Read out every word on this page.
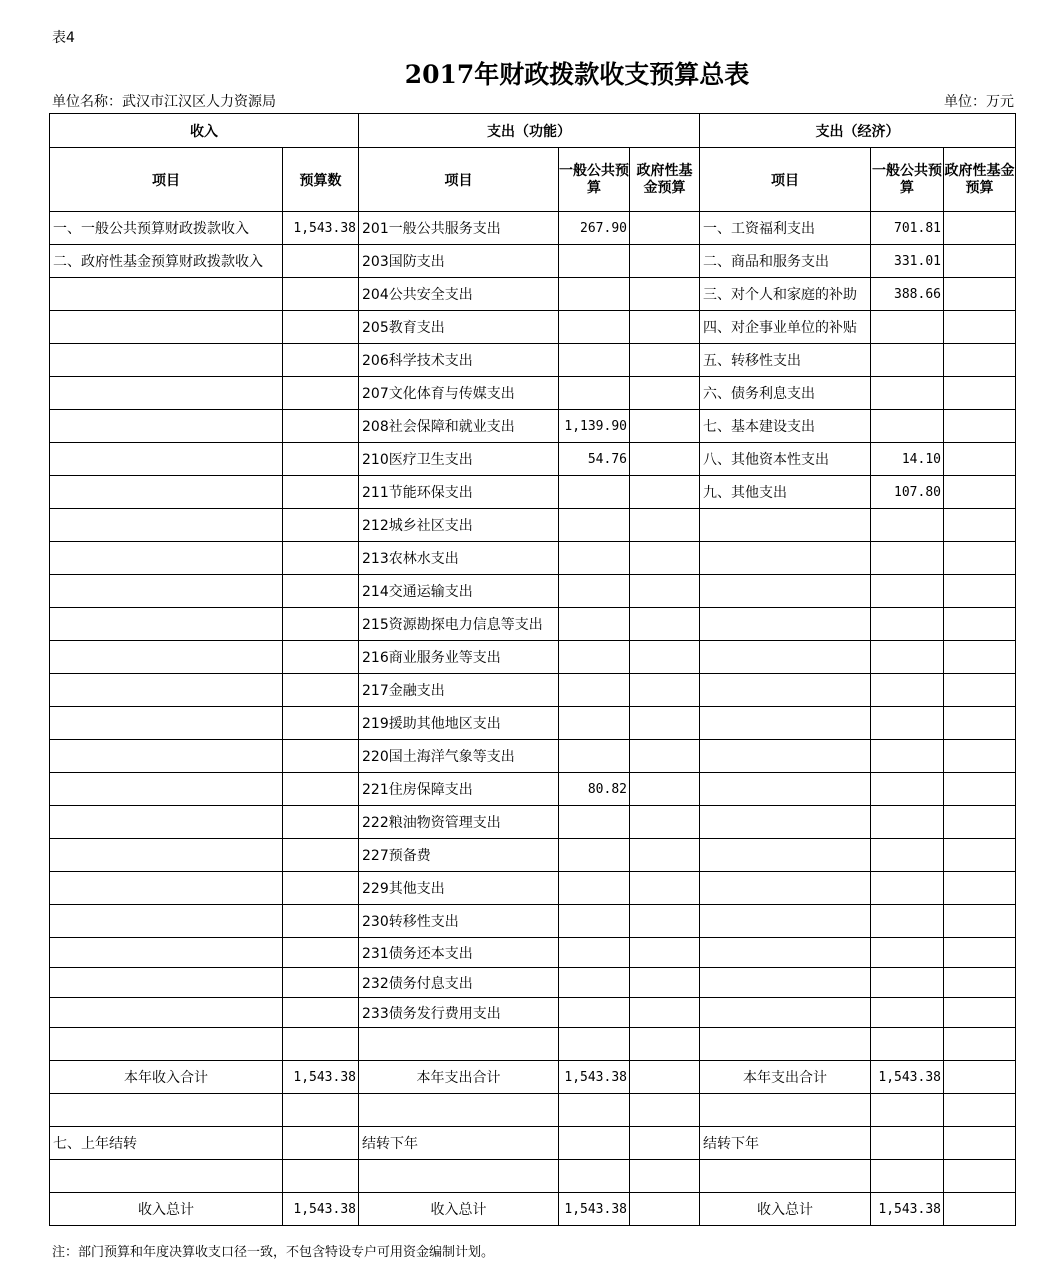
表4
2017年财政拨款收支预算总表
单位名称：武汉市江汉区人力资源局	单位：万元
收入		支出（功能）			支出（经济）		
项目	预算数	项目	一般公共预算	政府性基金预算	项目	一般公共预算	政府性基金预算
一、一般公共预算财政拨款收入	1,543.38	201一般公共服务支出	267.90		一、工资福利支出	701.81	
二、政府性基金预算财政拨款收入		203国防支出			二、商品和服务支出	331.01	
		204公共安全支出			三、对个人和家庭的补助	388.66	
		205教育支出			四、对企事业单位的补贴		
		206科学技术支出			五、转移性支出		
		207文化体育与传媒支出			六、债务利息支出		
		208社会保障和就业支出	1,139.90		七、基本建设支出		
		210医疗卫生支出	54.76		八、其他资本性支出	14.10	
		211节能环保支出			九、其他支出	107.80	
		212城乡社区支出					
		213农林水支出					
		214交通运输支出					
		215资源勘探电力信息等支出					
		216商业服务业等支出					
		217金融支出					
		219援助其他地区支出					
		220国土海洋气象等支出					
		221住房保障支出	80.82				
		222粮油物资管理支出					
		227预备费					
		229其他支出					
		230转移性支出					
		231债务还本支出					
		232债务付息支出					
		233债务发行费用支出					

本年收入合计	1,543.38	本年支出合计	1,543.38		本年支出合计	1,543.38	

七、上年结转		结转下年			结转下年		

收入总计	1,543.38	收入总计	1,543.38		收入总计	1,543.38	
注：部门预算和年度决算收支口径一致，不包含特设专户可用资金编制计划。
